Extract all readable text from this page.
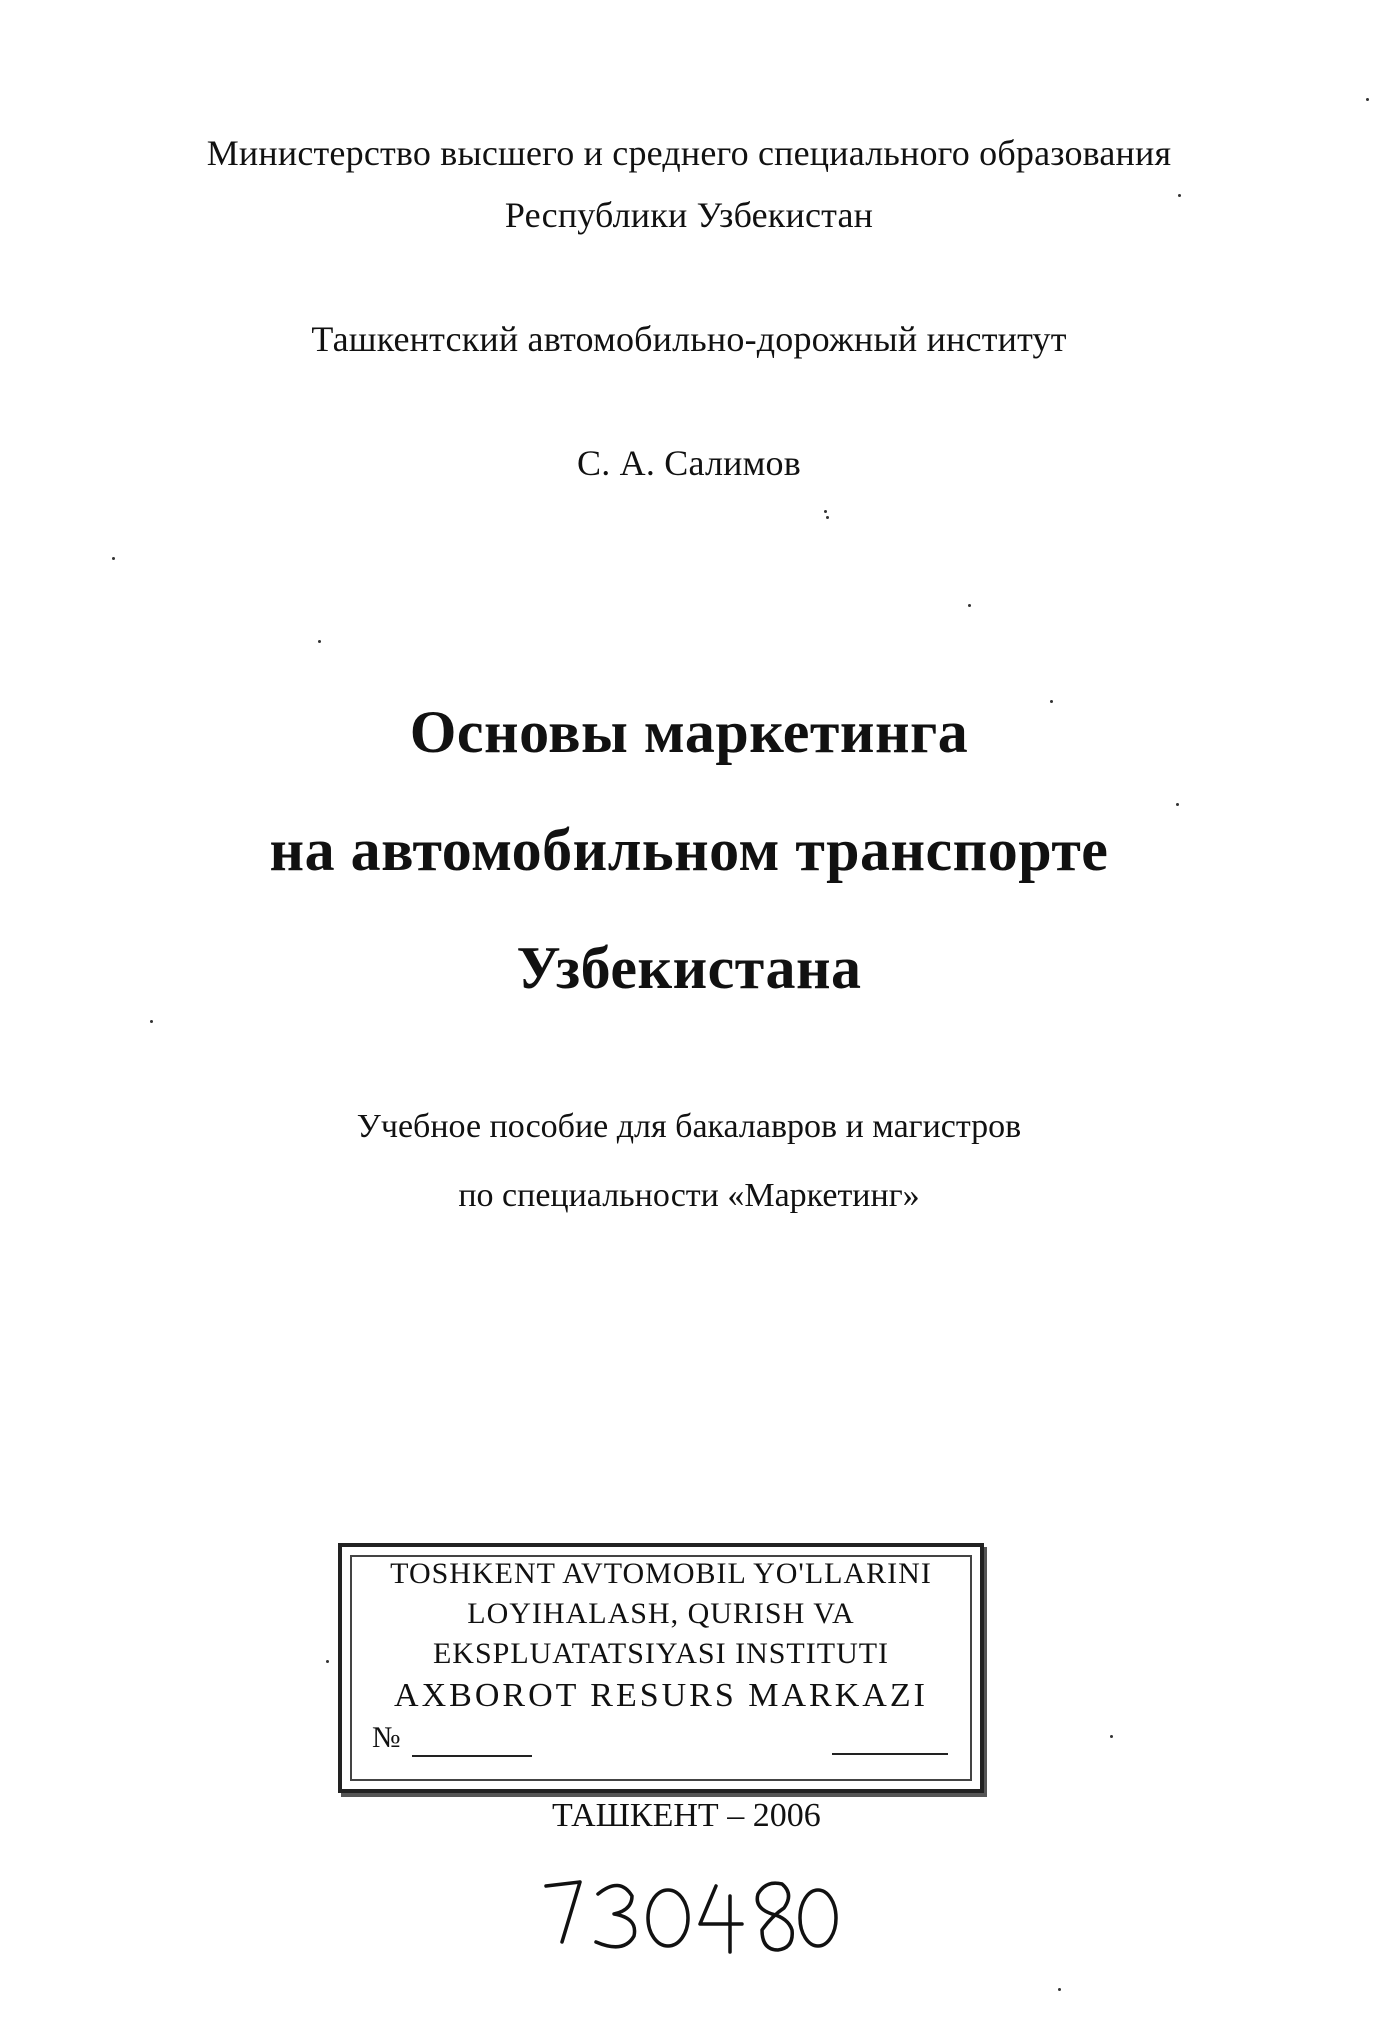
Министерство высшего и среднего специального образования
Республики Узбекистан
Ташкентский автомобильно-дорожный институт
С. А. Салимов
Основы маркетинга
на автомобильном транспорте
Узбекистана
Учебное пособие для бакалавров и магистров
по специальности «Маркетинг»
TOSHKENT AVTOMOBIL YO'LLARINI
LOYIHALASH, QURISH VA
EKSPLUATATSIYASI INSTITUTI
AXBOROT RESURS MARKAZI
№
ТАШКЕНТ – 2006
